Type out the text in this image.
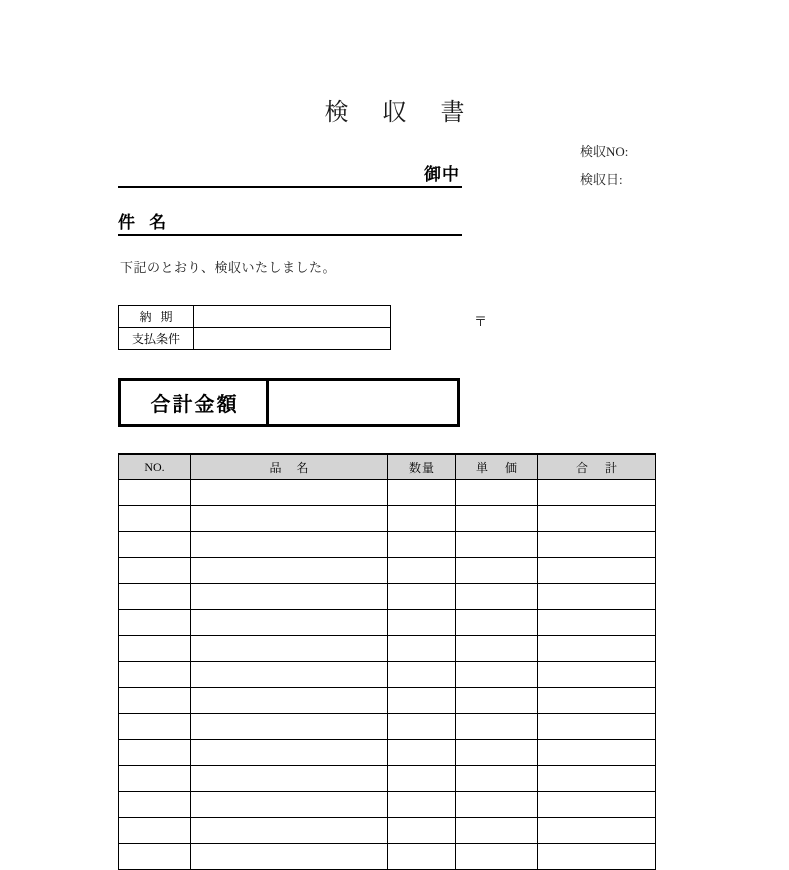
検 収 書
検収NO:
検収日:
御中
件 名
下記のとおり、検収いたしました。
納 期	
支払条件	
〒
合計金額
NO.	品 名	数量	単 価	合 計
